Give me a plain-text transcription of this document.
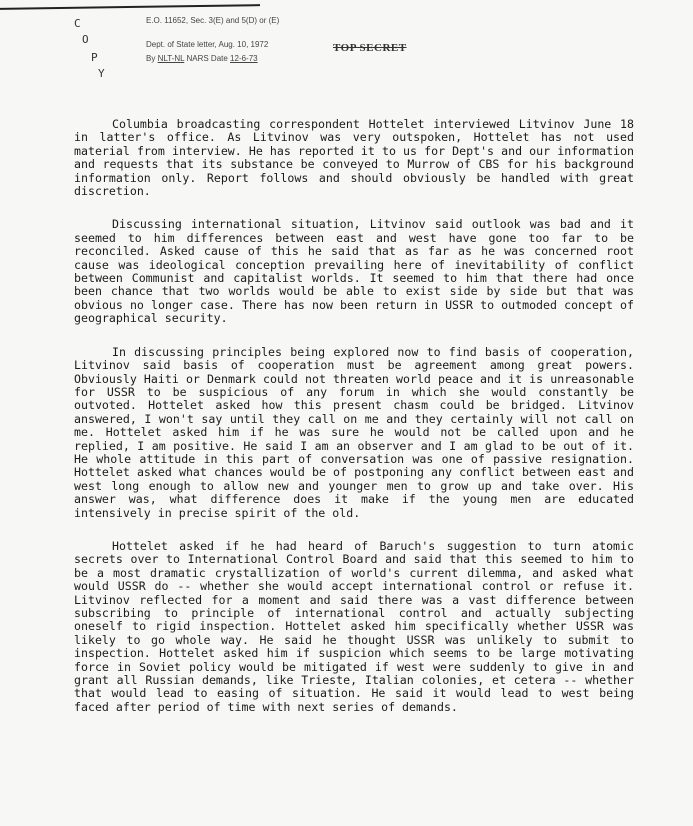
C
O
P
Y
E.O. 11652, Sec. 3(E) and 5(D) or (E)
Dept. of State letter, Aug. 10, 1972
By NLT-NL NARS Date 12-6-73
TOP SECRET

Columbia broadcasting correspondent Hottelet interviewed Litvinov June 18 in latter's office. As Litvinov was very outspoken, Hottelet has not used material from interview. He has reported it to us for Dept's and our information and requests that its substance be conveyed to Murrow of CBS for his background information only. Report follows and should obviously be handled with great discretion.

Discussing international situation, Litvinov said outlook was bad and it seemed to him differences between east and west have gone too far to be reconciled. Asked cause of this he said that as far as he was concerned root cause was ideological conception prevailing here of inevitability of conflict between Communist and capitalist worlds. It seemed to him that there had once been chance that two worlds would be able to exist side by side but that was obvious no longer case. There has now been return in USSR to outmoded concept of geographical security.

In discussing principles being explored now to find basis of cooperation, Litvinov said basis of cooperation must be agreement among great powers. Obviously Haiti or Denmark could not threaten world peace and it is unreasonable for USSR to be suspicious of any forum in which she would constantly be outvoted. Hottelet asked how this present chasm could be bridged. Litvinov answered, I won't say until they call on me and they certainly will not call on me. Hottelet asked him if he was sure he would not be called upon and he replied, I am positive. He said I am an observer and I am glad to be out of it. He whole attitude in this part of conversation was one of passive resignation. Hottelet asked what chances would be of postponing any conflict between east and west long enough to allow new and younger men to grow up and take over. His answer was, what difference does it make if the young men are educated intensively in precise spirit of the old.

Hottelet asked if he had heard of Baruch's suggestion to turn atomic secrets over to International Control Board and said that this seemed to him to be a most dramatic crystallization of world's current dilemma, and asked what would USSR do -- whether she would accept international control or refuse it. Litvinov reflected for a moment and said there was a vast difference between subscribing to principle of international control and actually subjecting oneself to rigid inspection. Hottelet asked him specifically whether USSR was likely to go whole way. He said he thought USSR was unlikely to submit to inspection. Hottelet asked him if suspicion which seems to be large motivating force in Soviet policy would be mitigated if west were suddenly to give in and grant all Russian demands, like Trieste, Italian colonies, et cetera -- whether that would lead to easing of situation. He said it would lead to west being faced after period of time with next series of demands.
